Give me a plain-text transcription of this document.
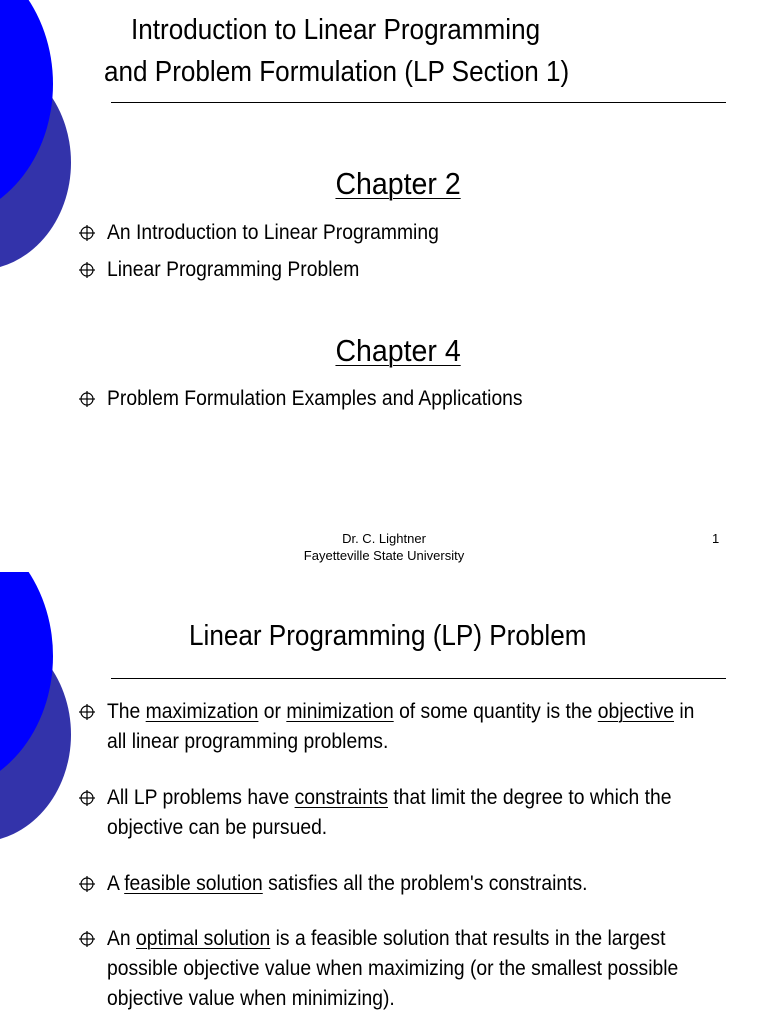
Introduction to Linear Programming
and Problem Formulation (LP Section 1)
Chapter 2
An Introduction to Linear Programming
Linear Programming Problem
Chapter 4
Problem Formulation Examples and Applications
Dr. C. Lightner
Fayetteville State University
1
Linear Programming (LP) Problem
The maximization or minimization of some quantity is the objective in all linear programming problems.
All LP problems have constraints that limit the degree to which the objective can be pursued.
A feasible solution satisfies all the problem's constraints.
An optimal solution is a feasible solution that results in the largest possible objective value when maximizing (or the smallest possible objective value when minimizing).
